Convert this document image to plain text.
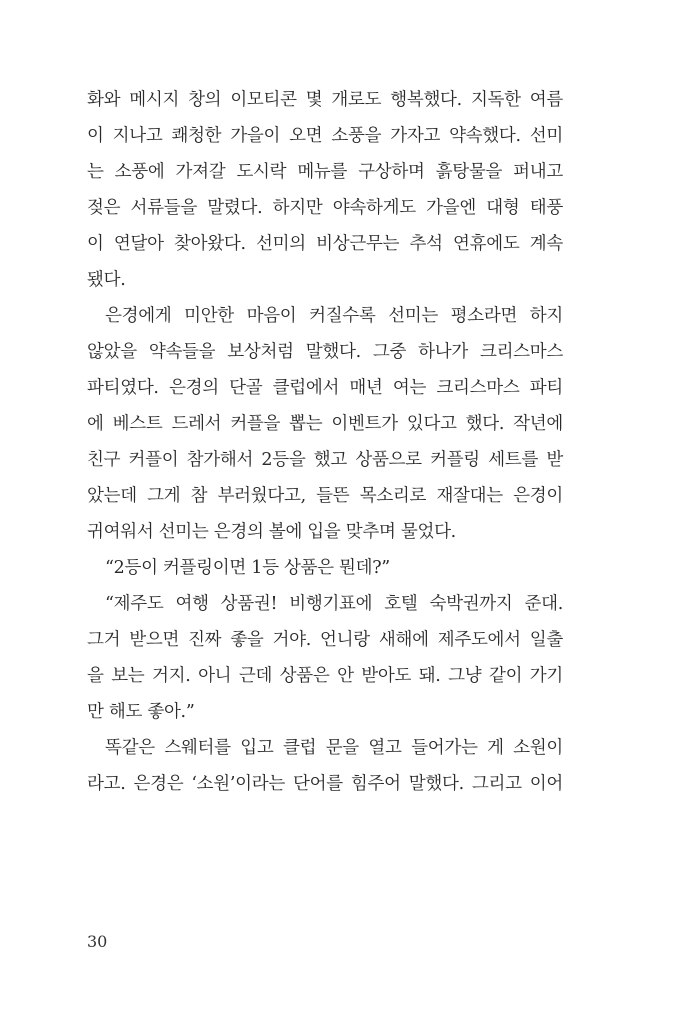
화와 메시지 창의 이모티콘 몇 개로도 행복했다. 지독한 여름
이 지나고 쾌청한 가을이 오면 소풍을 가자고 약속했다. 선미
는 소풍에 가져갈 도시락 메뉴를 구상하며 흙탕물을 퍼내고
젖은 서류들을 말렸다. 하지만 야속하게도 가을엔 대형 태풍
이 연달아 찾아왔다. 선미의 비상근무는 추석 연휴에도 계속
됐다.
은경에게 미안한 마음이 커질수록 선미는 평소라면 하지
않았을 약속들을 보상처럼 말했다. 그중 하나가 크리스마스
파티였다. 은경의 단골 클럽에서 매년 여는 크리스마스 파티
에 베스트 드레서 커플을 뽑는 이벤트가 있다고 했다. 작년에
친구 커플이 참가해서 2등을 했고 상품으로 커플링 세트를 받
았는데 그게 참 부러웠다고, 들뜬 목소리로 재잘대는 은경이
귀여워서 선미는 은경의 볼에 입을 맞추며 물었다.
“2등이 커플링이면 1등 상품은 뭔데?”
“제주도 여행 상품권! 비행기표에 호텔 숙박권까지 준대.
그거 받으면 진짜 좋을 거야. 언니랑 새해에 제주도에서 일출
을 보는 거지. 아니 근데 상품은 안 받아도 돼. 그냥 같이 가기
만 해도 좋아.”
똑같은 스웨터를 입고 클럽 문을 열고 들어가는 게 소원이
라고. 은경은 ‘소원’이라는 단어를 힘주어 말했다. 그리고 이어
30
